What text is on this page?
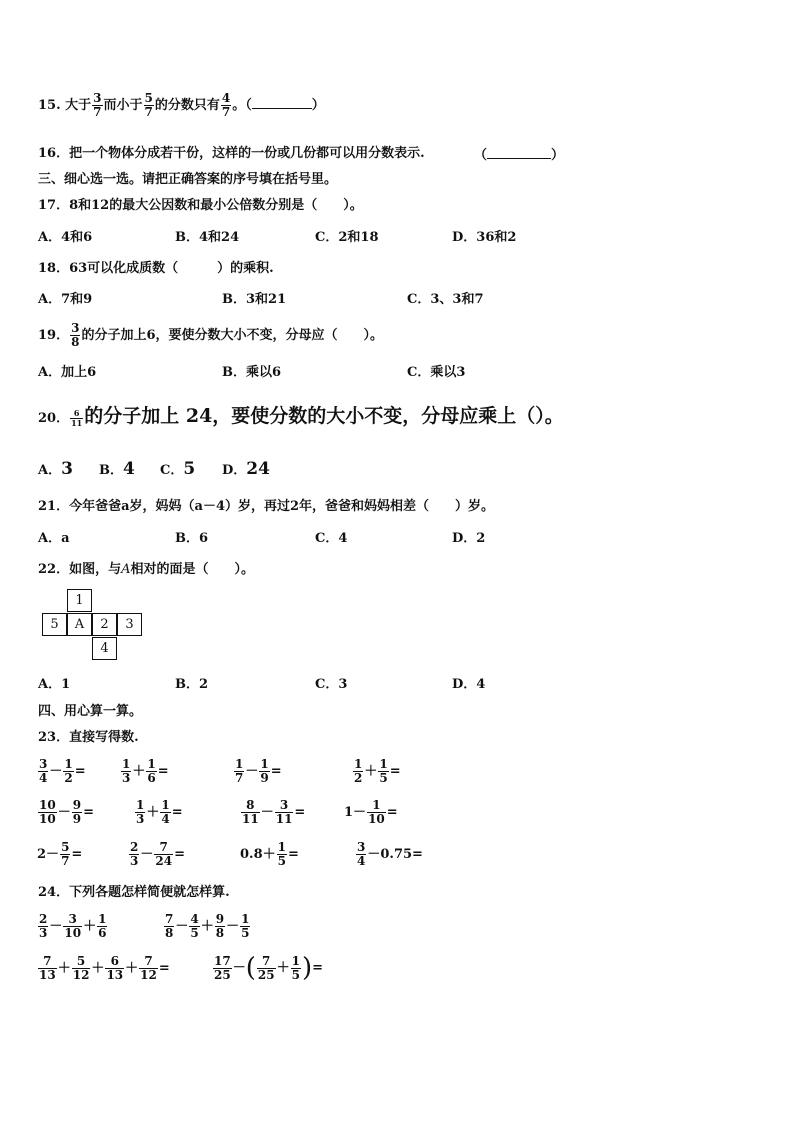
15. 大于 $\frac{3}{7}$ 而小于 $\frac{5}{7}$ 的分数只有 $\frac{4}{7}$ 。（	）
16．把一个物体分成若干份，这样的一份或几份都可以用分数表示.	（	）
三、细心选一选。请把正确答案的序号填在括号里。
17．8和12的最大公因数和最小公倍数分别是（　　）。
A．4和6	B．4和24	C．2和18	D．36和2
18．63可以化成质数（　　　）的乘积.
A．7和9	B．3和21	C．3、3和7
19． $\frac{3}{8}$ 的分子加上6，要使分数大小不变，分母应（　　）。
A．加上6	B．乘以6	C．乘以3
20． $\frac{6}{11}$ 的分子加上 24，要使分数的大小不变，分母应乘上（）。
A．3 B．4 C．5 D．24
21．今年爸爸a岁，妈妈（a－4）岁，再过2年，爸爸和妈妈相差（　　）岁。
A．a	B．6	C．4	D．2
22．如图，与A相对的面是（　　）。
1
5	A	2	3
4
A．1	B．2	C．3	D．4
四、用心算一算。
23．直接写得数.
$\frac{3}{4} - \frac{1}{2}$ =	$\frac{1}{3} + \frac{1}{6}$ =	$\frac{1}{7} - \frac{1}{9}$ =	$\frac{1}{2} + \frac{1}{5}$ =
$\frac{10}{10} - \frac{9}{9}$ =	$\frac{1}{3} + \frac{1}{4}$ =	$\frac{8}{11} - \frac{3}{11}$ =	$1- \frac{1}{10}$ =
$2- \frac{5}{7}$ =	$\frac{2}{3} - \frac{7}{24}$ =	$0.8+ \frac{1}{5}$ =	$\frac{3}{4} -0.75=$
24．下列各题怎样简便就怎样算.
$\frac{2}{3} - \frac{3}{10} + \frac{1}{6}$	$\frac{7}{8} - \frac{4}{5} + \frac{9}{8} - \frac{1}{5}$
$\frac{7}{13} + \frac{5}{12} + \frac{6}{13} + \frac{7}{12}$ =	$\frac{17}{25}$ －( $\frac{7}{25} + \frac{1}{5}$ )=
